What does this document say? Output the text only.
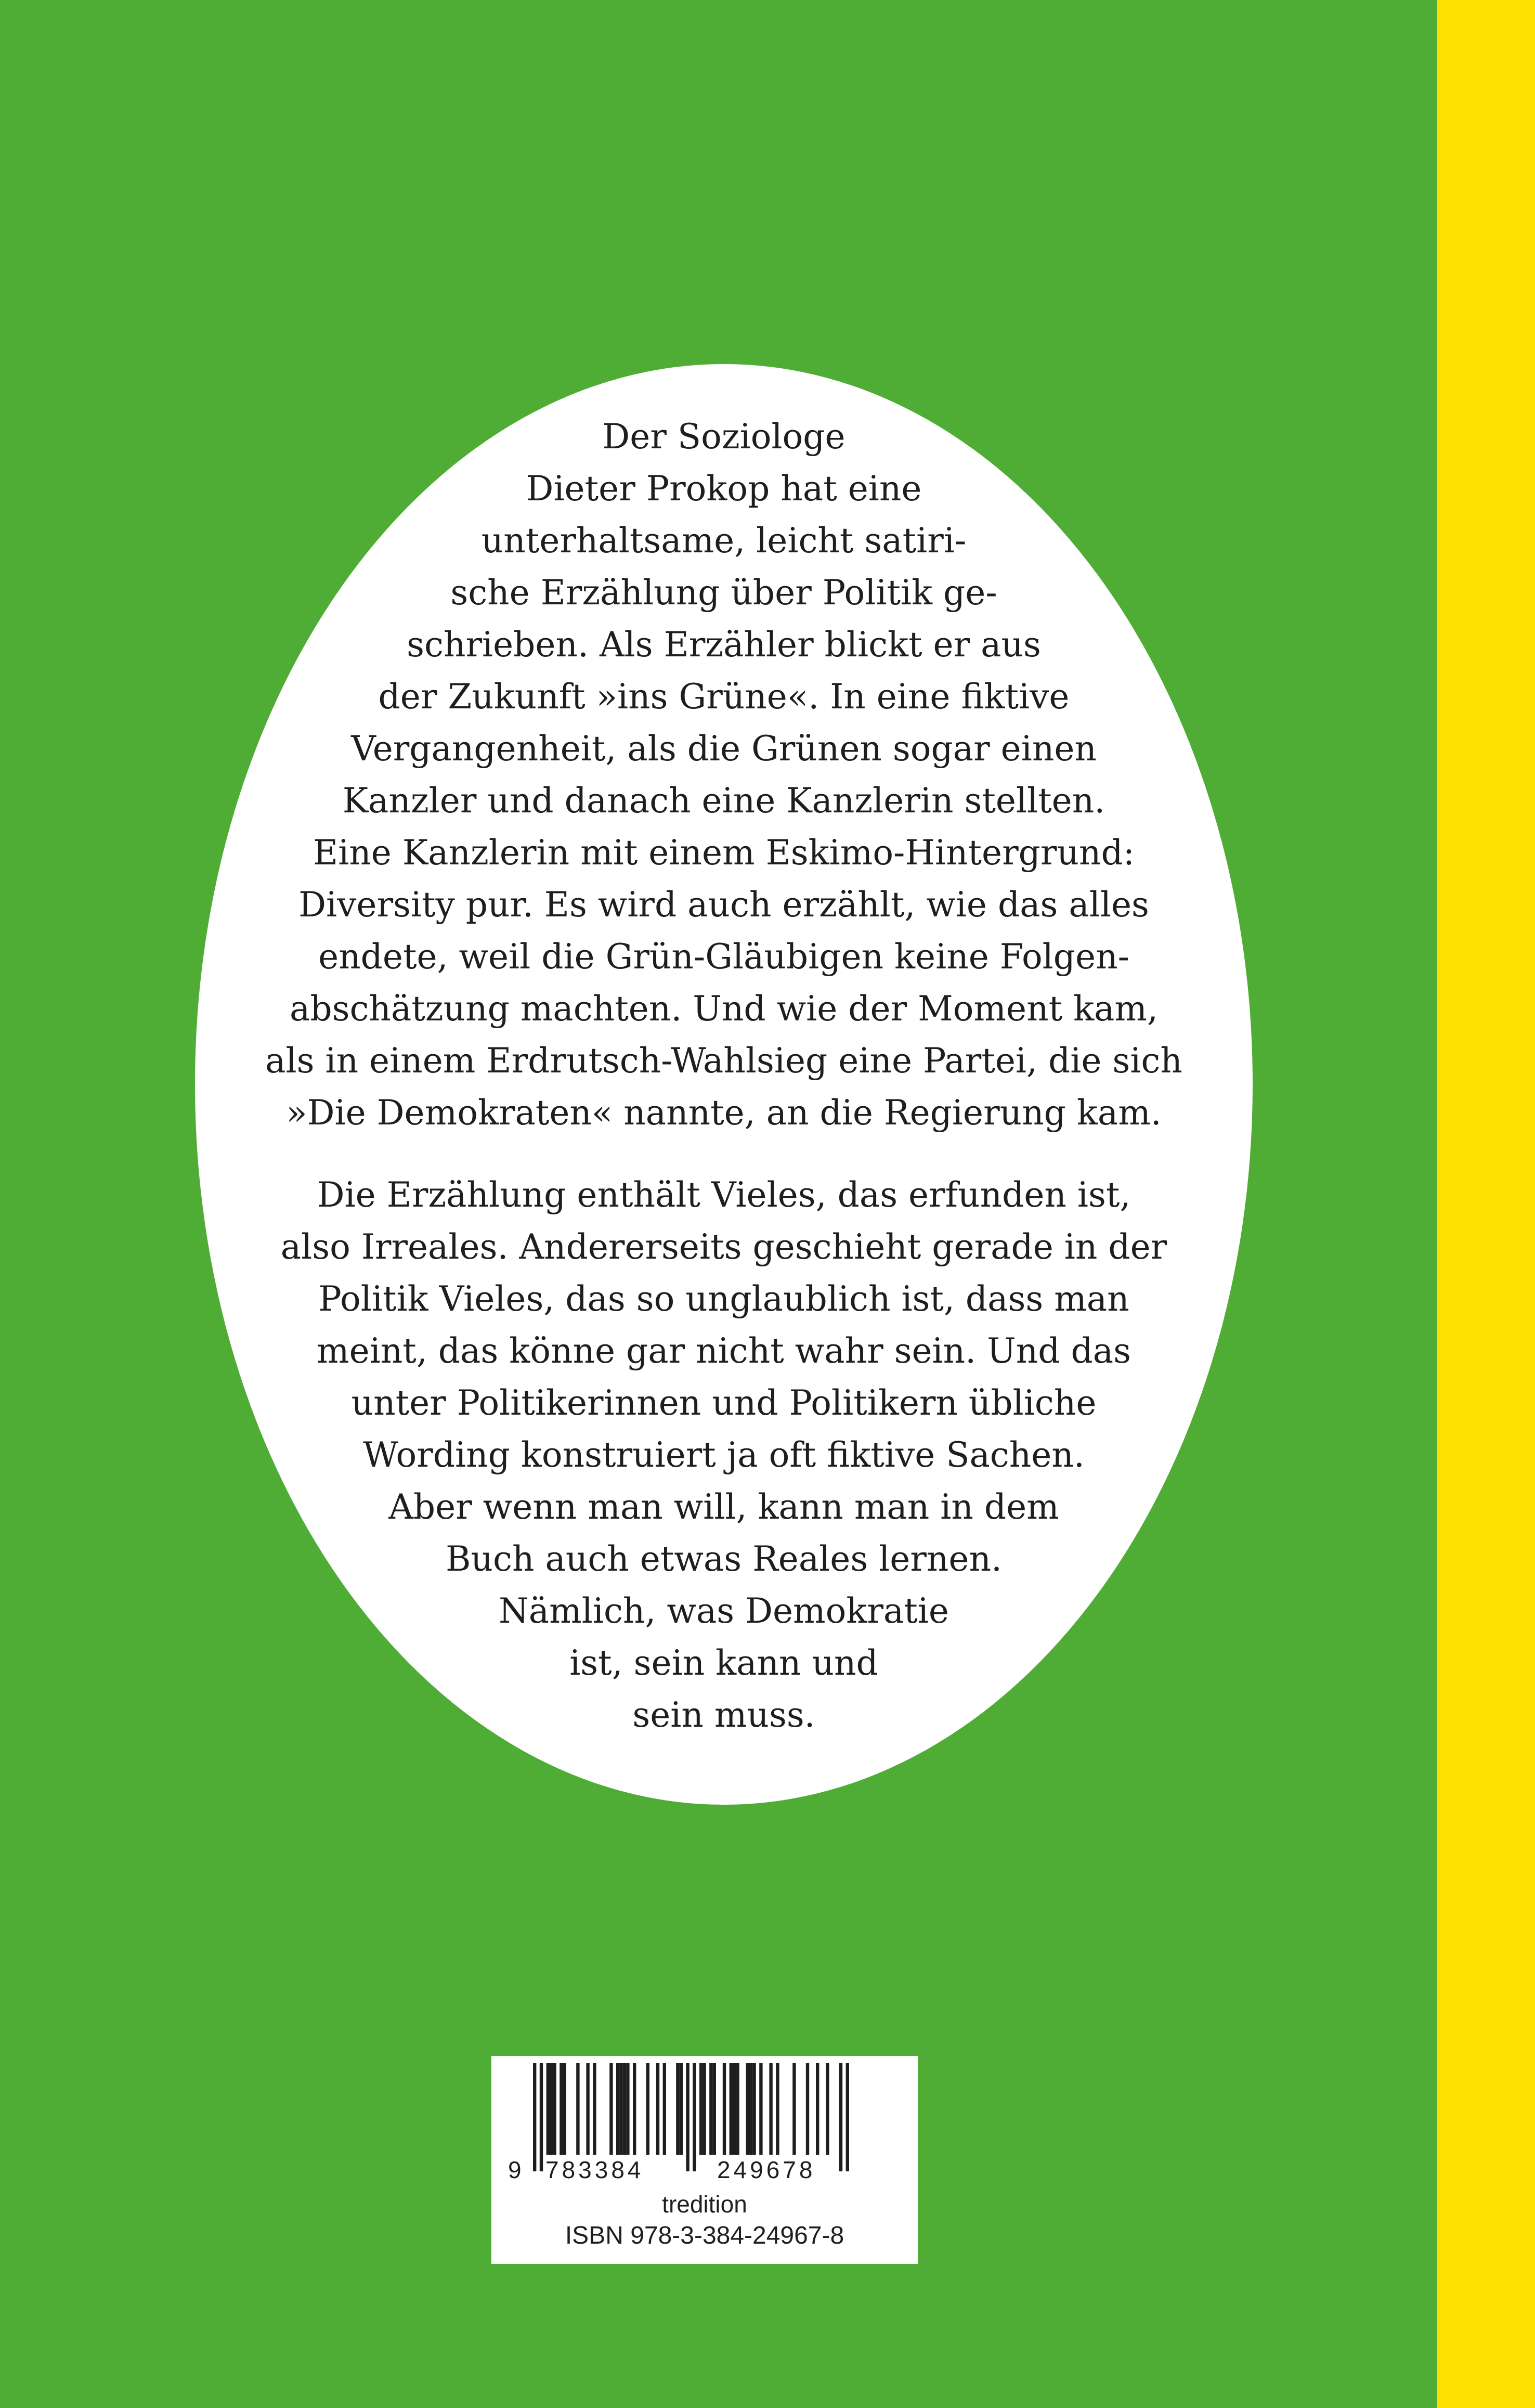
Der Soziologe
Dieter Prokop hat eine
unterhaltsame, leicht satiri-
sche Erzählung über Politik ge-
schrieben. Als Erzähler blickt er aus
der Zukunft »ins Grüne«. In eine fiktive
Vergangenheit, als die Grünen sogar einen
Kanzler und danach eine Kanzlerin stellten.
Eine Kanzlerin mit einem Eskimo-Hintergrund:
Diversity pur. Es wird auch erzählt, wie das alles
endete, weil die Grün-Gläubigen keine Folgen-
abschätzung machten. Und wie der Moment kam,
als in einem Erdrutsch-Wahlsieg eine Partei, die sich
»Die Demokraten« nannte, an die Regierung kam.
Die Erzählung enthält Vieles, das erfunden ist,
also Irreales. Andererseits geschieht gerade in der
Politik Vieles, das so unglaublich ist, dass man
meint, das könne gar nicht wahr sein. Und das
unter Politikerinnen und Politikern übliche
Wording konstruiert ja oft fiktive Sachen.
Aber wenn man will, kann man in dem
Buch auch etwas Reales lernen.
Nämlich, was Demokratie
ist, sein kann und
sein muss.
9 783384	249678
tredition
ISBN 978-3-384-24967-8
